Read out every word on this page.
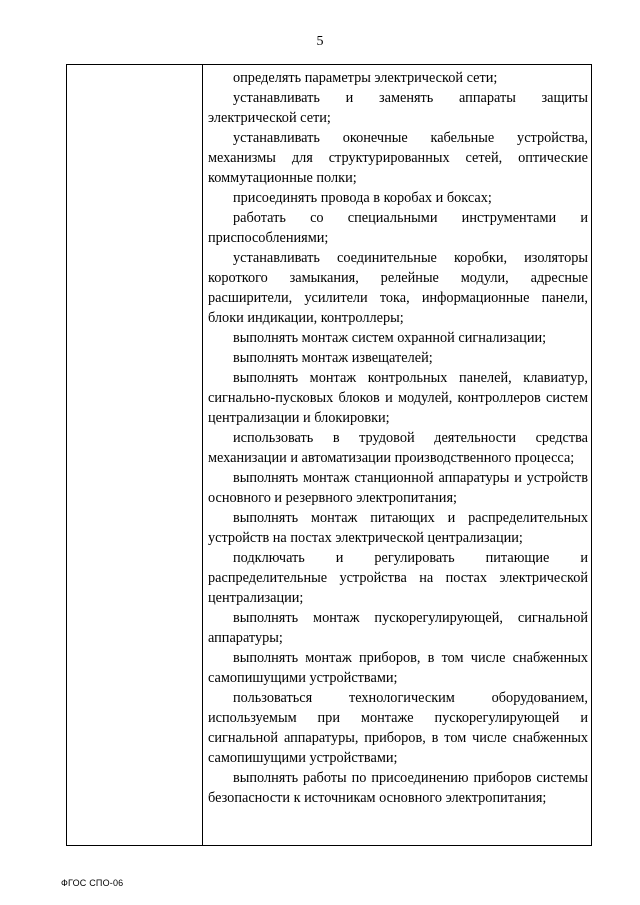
5

определять параметры электрической сети;

устанавливать и заменять аппараты защиты электрической сети;

устанавливать оконечные кабельные устройства, механизмы для структурированных сетей, оптические коммутационные полки;

присоединять провода в коробах и боксах;

работать со специальными инструментами и приспособлениями;

устанавливать соединительные коробки, изоляторы короткого замыкания, релейные модули, адресные расширители, усилители тока, информационные панели, блоки индикации, контроллеры;

выполнять монтаж систем охранной сигнализации;

выполнять монтаж извещателей;

выполнять монтаж контрольных панелей, клавиатур, сигнально-пусковых блоков и модулей, контроллеров систем централизации и блокировки;

использовать в трудовой деятельности средства механизации и автоматизации производственного процесса;

выполнять монтаж станционной аппаратуры и устройств основного и резервного электропитания;

выполнять монтаж питающих и распределительных устройств на постах электрической централизации;

подключать и регулировать питающие и распределительные устройства на постах электрической централизации;

выполнять монтаж пускорегулирующей, сигнальной аппаратуры;

выполнять монтаж приборов, в том числе снабженных самопишущими устройствами;

пользоваться технологическим оборудованием, используемым при монтаже пускорегулирующей и сигнальной аппаратуры, приборов, в том числе снабженных самопишущими устройствами;

выполнять работы по присоединению приборов системы безопасности к источникам основного электропитания;

ФГОС СПО-06
